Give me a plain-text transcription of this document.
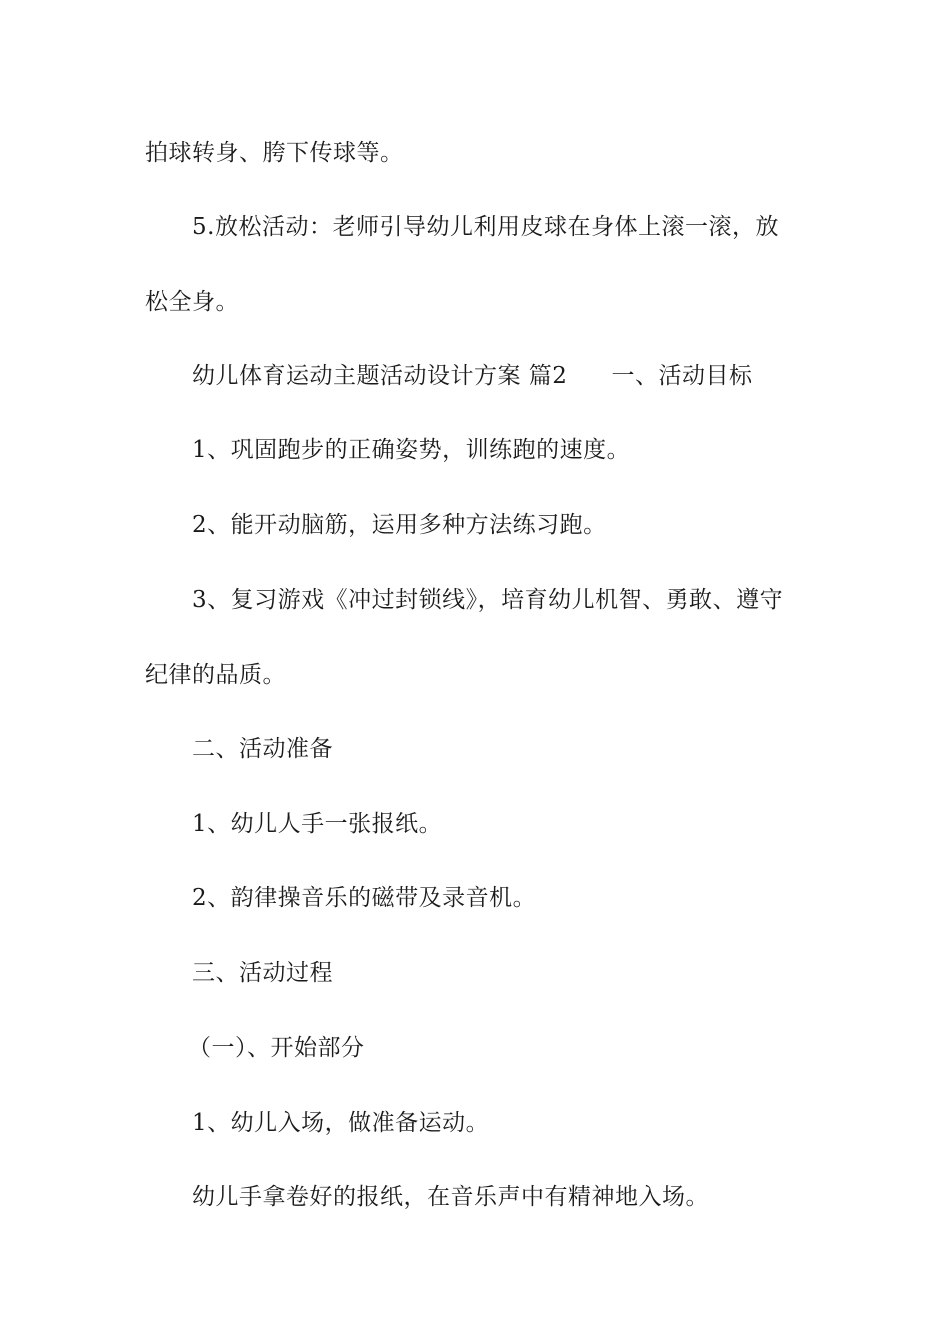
拍球转身、胯下传球等。

5.放松活动：老师引导幼儿利用皮球在身体上滚一滚，放

松全身。

幼儿体育运动主题活动设计方案 篇2 一、活动目标

1、巩固跑步的正确姿势，训练跑的速度。

2、能开动脑筋，运用多种方法练习跑。

3、复习游戏《冲过封锁线》，培育幼儿机智、勇敢、遵守

纪律的品质。

二、活动准备

1、幼儿人手一张报纸。

2、韵律操音乐的磁带及录音机。

三、活动过程

（一）、开始部分

1、幼儿入场，做准备运动。

幼儿手拿卷好的报纸，在音乐声中有精神地入场。
